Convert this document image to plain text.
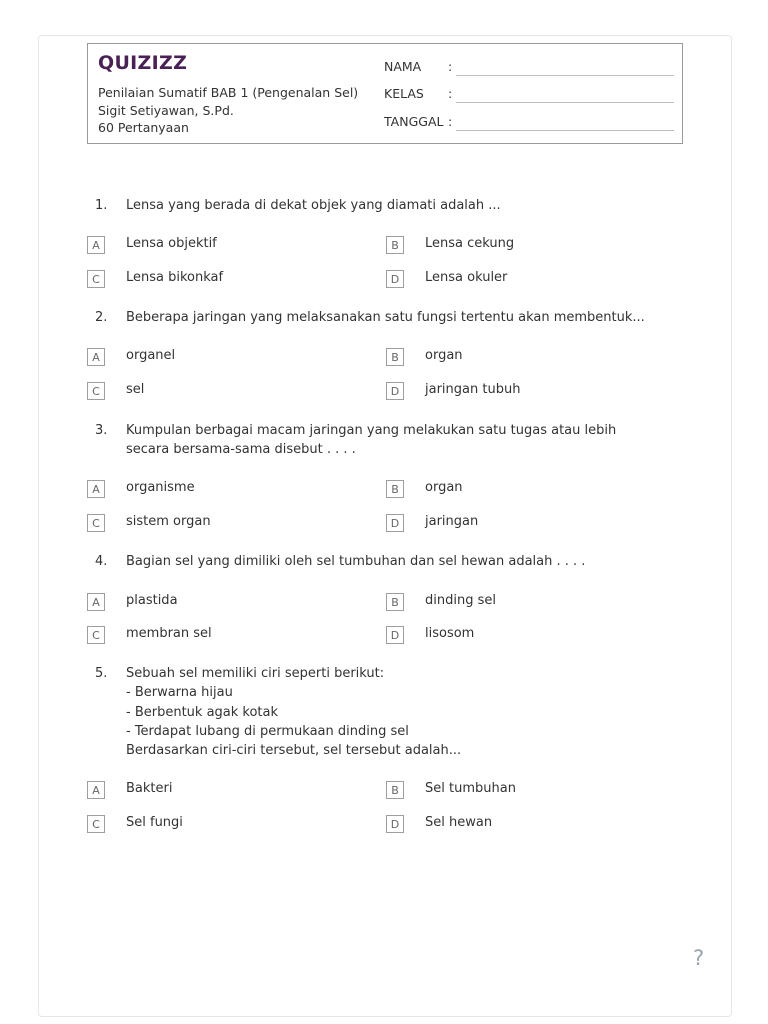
QUIZIZZ
Penilaian Sumatif BAB 1 (Pengenalan Sel) Sigit Setiyawan, S.Pd.
60 Pertanyaan
NAMA :
KELAS :
TANGGAL :
1. Lensa yang berada di dekat objek yang diamati adalah ...
A	Lensa objektif	B	Lensa cekung
C	Lensa bikonkaf	D	Lensa okuler
2. Beberapa jaringan yang melaksanakan satu fungsi tertentu akan membentuk...
A	organel	B	organ
C	sel	D	jaringan tubuh
3. Kumpulan berbagai macam jaringan yang melakukan satu tugas atau lebih secara bersama-sama disebut . . . .
A	organisme	B	organ
C	sistem organ	D	jaringan
4. Bagian sel yang dimiliki oleh sel tumbuhan dan sel hewan adalah . . . .
A	plastida	B	dinding sel
C	membran sel	D	lisosom
5. Sebuah sel memiliki ciri seperti berikut:
- Berwarna hijau
- Berbentuk agak kotak
- Terdapat lubang di permukaan dinding sel
Berdasarkan ciri-ciri tersebut, sel tersebut adalah...
A	Bakteri	B	Sel tumbuhan
C	Sel fungi	D	Sel hewan
?
